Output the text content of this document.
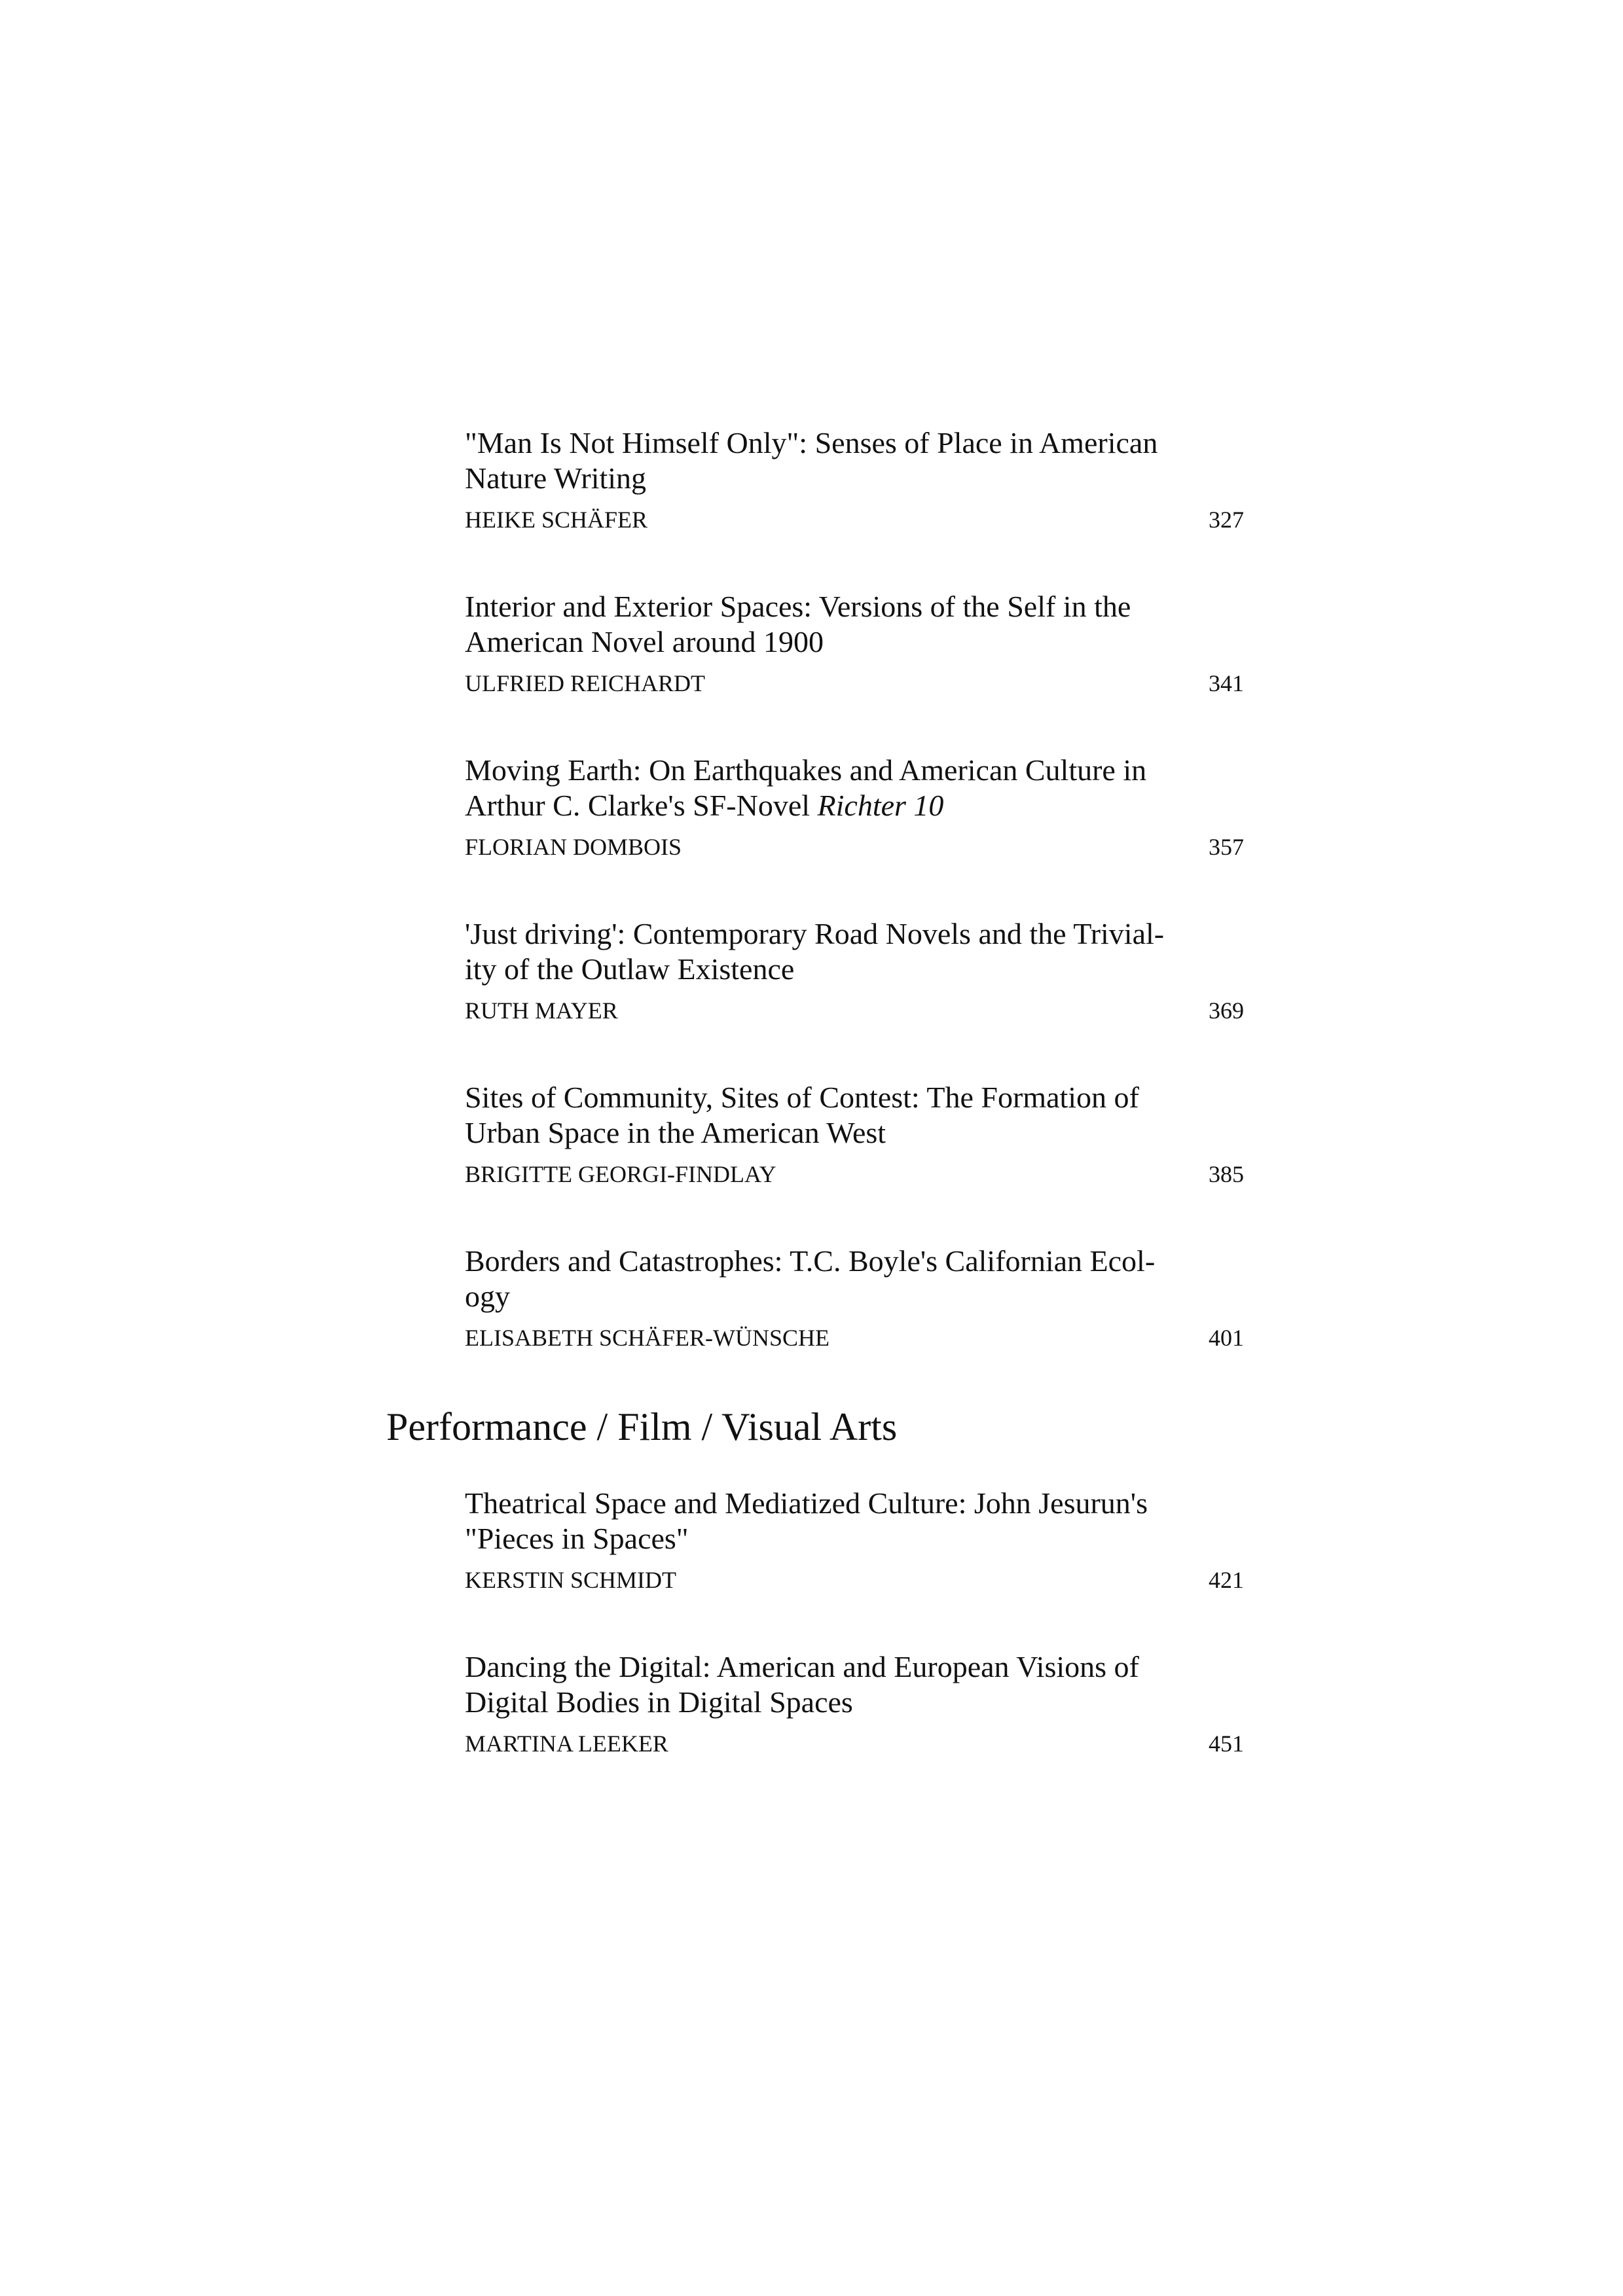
"Man Is Not Himself Only": Senses of Place in American
Nature Writing

HEIKE SCHÄFER	327

Interior and Exterior Spaces: Versions of the Self in the
American Novel around 1900

ULFRIED REICHARDT	341

Moving Earth: On Earthquakes and American Culture in
Arthur C. Clarke's SF-Novel Richter 10

FLORIAN DOMBOIS	357

'Just driving': Contemporary Road Novels and the Trivial-
ity of the Outlaw Existence

RUTH MAYER	369

Sites of Community, Sites of Contest: The Formation of
Urban Space in the American West

BRIGITTE GEORGI-FINDLAY	385

Borders and Catastrophes: T.C. Boyle's Californian Ecol-
ogy

ELISABETH SCHÄFER-WÜNSCHE	401
Performance / Film / Visual Arts

Theatrical Space and Mediatized Culture: John Jesurun's
"Pieces in Spaces"

KERSTIN SCHMIDT	421

Dancing the Digital: American and European Visions of
Digital Bodies in Digital Spaces

MARTINA LEEKER	451
